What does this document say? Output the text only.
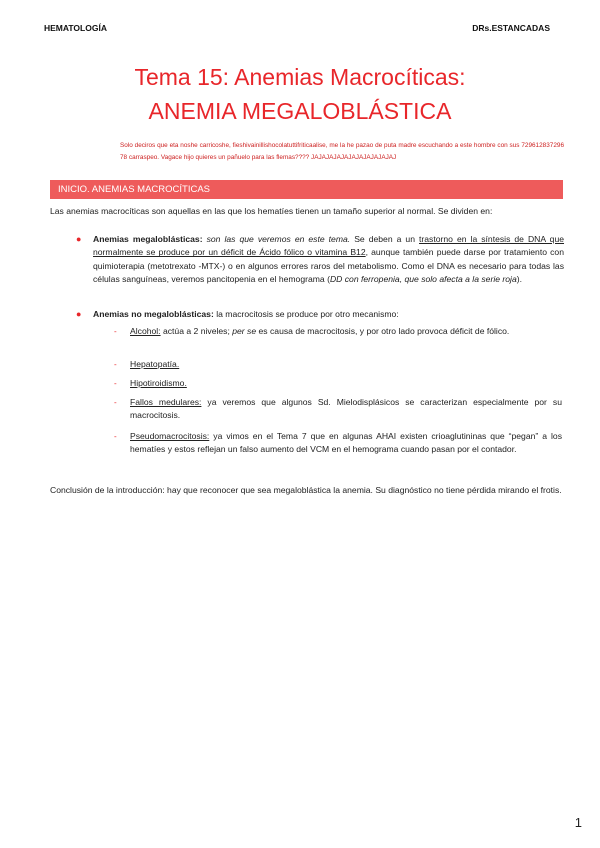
HEMATOLOGÍA	DRs.ESTANCADAS
Tema 15: Anemias Macrocíticas:
ANEMIA MEGALOBLÁSTICA
Solo deciros que eta noshe carricoshe, fieshivainillishocolatuttifriticaalise, me la he pazao de puta madre escuchando a este hombre con sus 7296128372967​8 carraspeo. Vagace hijo quieres un pañuelo para las flemas???? JAJAJAJAJAJAJAJAJAJAJAJ
INICIO. ANEMIAS MACROCÍTICAS

Las anemias macrocíticas son aquellas en las que los hematíes tienen un tamaño superior al normal. Se dividen en:

● Anemias megaloblásticas: son las que veremos en este tema. Se deben a un trastorno en la síntesis de DNA que normalmente se produce por un déficit de Ácido fólico o vitamina B12, aunque también puede darse por tratamiento con quimioterapia (metotrexato -MTX-) o en algunos errores raros del metabolismo. Como el DNA es necesario para todas las células sanguíneas, veremos pancitopenia en el hemograma (DD con ferropenia, que solo afecta a la serie roja).

● Anemias no megaloblásticas: la macrocitosis se produce por otro mecanismo:

- Alcohol: actúa a 2 niveles; per se es causa de macrocitosis, y por otro lado provoca déficit de fólico.

- Hepatopatía.

- Hipotiroidismo.

- Fallos medulares: ya veremos que algunos Sd. Mielodisplásicos se caracterizan especialmente por su macrocitosis.

- Pseudomacrocitosis: ya vimos en el Tema 7 que en algunas AHAI existen crioaglutininas que “pegan” a los hematíes y estos reflejan un falso aumento del VCM en el hemograma cuando pasan por el contador.

Conclusión de la introducción: hay que reconocer que sea megaloblástica la anemia. Su diagnóstico no tiene pérdida mirando el frotis.

1
